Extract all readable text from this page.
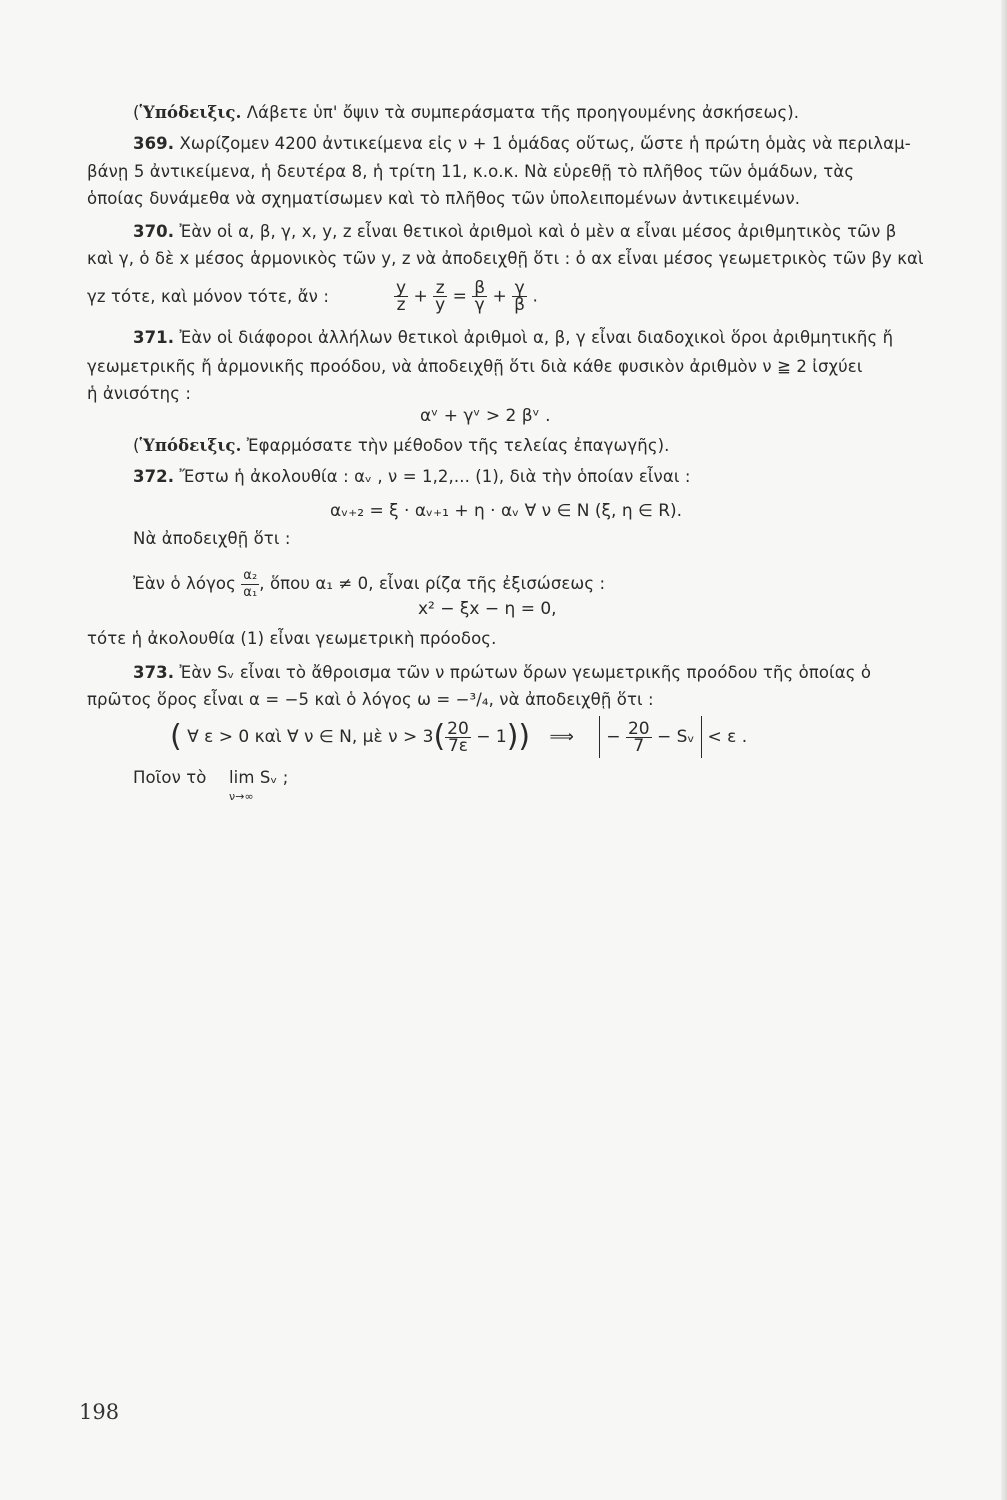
(Ὑπόδειξις. Λάβετε ὑπ' ὄψιν τὰ συμπεράσματα τῆς προηγουμένης ἀσκήσεως).
369. Χωρίζομεν 4200 ἀντικείμενα εἰς ν + 1 ὁμάδας οὕτως, ὥστε ἡ πρώτη ὁμὰς νὰ περιλαμ-
βάνῃ 5 ἀντικείμενα, ἡ δευτέρα 8, ἡ τρίτη 11, κ.ο.κ. Νὰ εὑρεθῇ τὸ πλῆθος τῶν ὁμάδων, τὰς
ὁποίας δυνάμεθα νὰ σχηματίσωμεν καὶ τὸ πλῆθος τῶν ὑπολειπομένων ἀντικειμένων.
370. Ἐὰν οἱ α, β, γ, x, y, z εἶναι θετικοὶ ἀριθμοὶ καὶ ὁ μὲν α εἶναι μέσος ἀριθμητικὸς τῶν β
καὶ γ, ὁ δὲ x μέσος ἁρμονικὸς τῶν y, z νὰ ἀποδειχθῇ ὅτι : ὁ αx εἶναι μέσος γεωμετρικὸς τῶν βy καὶ
γz τότε, καὶ μόνον τότε, ἄν :	$\frac{y}{z} + \frac{z}{y} = \frac{\beta}{\gamma} + \frac{\gamma}{\beta}$ .
371. Ἐὰν οἱ διάφοροι ἀλλήλων θετικοὶ ἀριθμοὶ α, β, γ εἶναι διαδοχικοὶ ὅροι ἀριθμητικῆς ἤ
γεωμετρικῆς ἤ ἁρμονικῆς προόδου, νὰ ἀποδειχθῇ ὅτι διὰ κάθε φυσικὸν ἀριθμὸν ν ≧ 2 ἰσχύει
ἡ ἀνισότης :
αᵛ + γᵛ > 2 βᵛ .
(Ὑπόδειξις. Ἐφαρμόσατε τὴν μέθοδον τῆς τελείας ἐπαγωγῆς).
372. Ἔστω ἡ ἀκολουθία : αᵥ , ν = 1,2,... (1), διὰ τὴν ὁποίαν εἶναι :
αᵥ₊₂ = ξ · αᵥ₊₁ + η · αᵥ ∀ ν ∈ N (ξ, η ∈ R).
Νὰ ἀποδειχθῇ ὅτι :
Ἐὰν ὁ λόγος $\frac{\text{α₂}}{\text{α₁}}$ , ὅπου α₁ ≠ 0, εἶναι ρίζα τῆς ἐξισώσεως :
x² − ξx − η = 0,
τότε ἡ ἀκολουθία (1) εἶναι γεωμετρικὴ πρόοδος.
373. Ἐὰν Sᵥ εἶναι τὸ ἄθροισμα τῶν ν πρώτων ὅρων γεωμετρικῆς προόδου τῆς ὁποίας ὁ
πρῶτος ὅρος εἶναι α = −5 καὶ ὁ λόγος ω = −³/₄, νὰ ἀποδειχθῇ ὅτι :
( ∀ ε > 0 καὶ ∀ ν ∈ N, μὲ $\nu > 3( \frac{20}{7\varepsilon} - 1)$) ⟹ − $\frac{20}{7}$ − Sᵥ < ε .
Ποῖον τὸ lim Sᵥ ;
ν→∞
198
